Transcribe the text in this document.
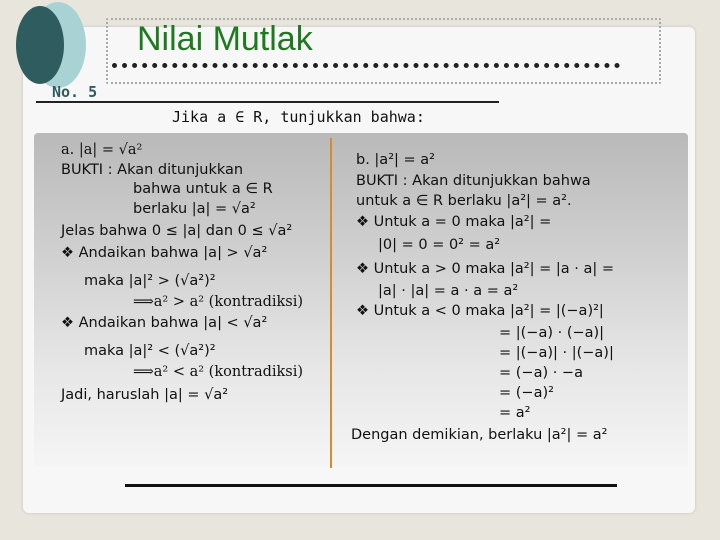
Nilai Mutlak
No. 5
Jika a ∈ R, tunjukkan bahwa:
a. |a| = √a²
BUKTI : Akan ditunjukkan
bahwa untuk a ∈ R
berlaku |a| = √a²
Jelas bahwa 0 ≤ |a| dan 0 ≤ √a²
❖ Andaikan bahwa |a| > √a²
maka |a|² > (√a²)²
⟹a² > a² (kontradiksi)
❖ Andaikan bahwa |a| < √a²
maka |a|² < (√a²)²
⟹a² < a² (kontradiksi)
Jadi, haruslah |a| = √a²
b. |a²| = a²
BUKTI : Akan ditunjukkan bahwa
untuk a ∈ R berlaku |a²| = a².
❖ Untuk a = 0 maka |a²| =
|0| = 0 = 0² = a²
❖ Untuk a > 0 maka |a²| = |a · a| =
|a| · |a| = a · a = a²
❖ Untuk a < 0 maka |a²| = |(−a)²|
= |(−a) · (−a)|
= |(−a)| · |(−a)|
= (−a) · −a
= (−a)²
= a²
Dengan demikian, berlaku |a²| = a²
